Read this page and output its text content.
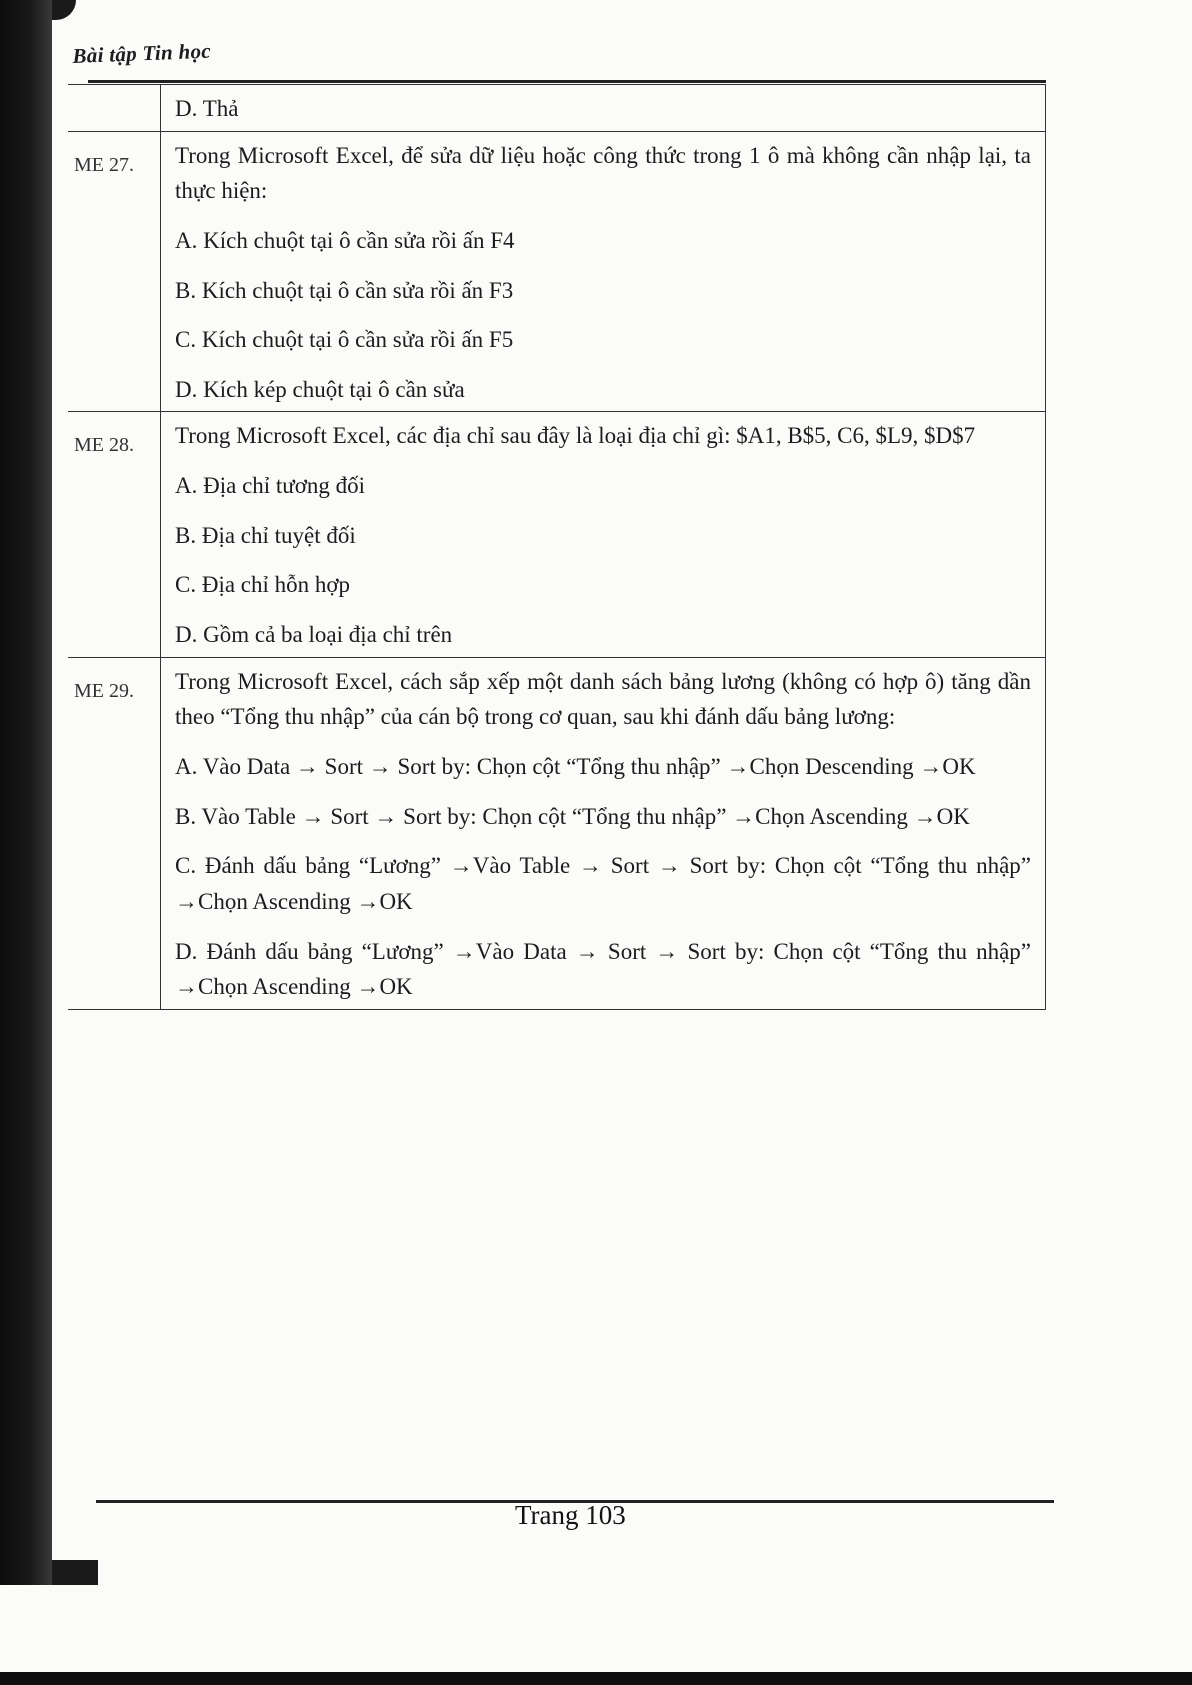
Bài tập Tin học

	D. Thả

ME 27.	Trong Microsoft Excel, để sửa dữ liệu hoặc công thức trong 1 ô mà không cần nhập lại, ta thực hiện:
A. Kích chuột tại ô cần sửa rồi ấn F4
B. Kích chuột tại ô cần sửa rồi ấn F3
C. Kích chuột tại ô cần sửa rồi ấn F5
D. Kích kép chuột tại ô cần sửa

ME 28.	Trong Microsoft Excel, các địa chỉ sau đây là loại địa chỉ gì: $A1, B$5, C6, $L9, $D$7
A. Địa chỉ tương đối
B. Địa chỉ tuyệt đối
C. Địa chỉ hỗn hợp
D. Gồm cả ba loại địa chỉ trên

ME 29.	Trong Microsoft Excel, cách sắp xếp một danh sách bảng lương (không có hợp ô) tăng dần theo “Tổng thu nhập” của cán bộ trong cơ quan, sau khi đánh dấu bảng lương:
A. Vào Data → Sort → Sort by: Chọn cột “Tổng thu nhập” →Chọn Descending →OK
B. Vào Table → Sort → Sort by: Chọn cột “Tổng thu nhập” →Chọn Ascending →OK
C. Đánh dấu bảng “Lương” →Vào Table → Sort → Sort by: Chọn cột “Tổng thu nhập” →Chọn Ascending →OK
D. Đánh dấu bảng “Lương” →Vào Data → Sort → Sort by: Chọn cột “Tổng thu nhập” →Chọn Ascending →OK
Trang 103
